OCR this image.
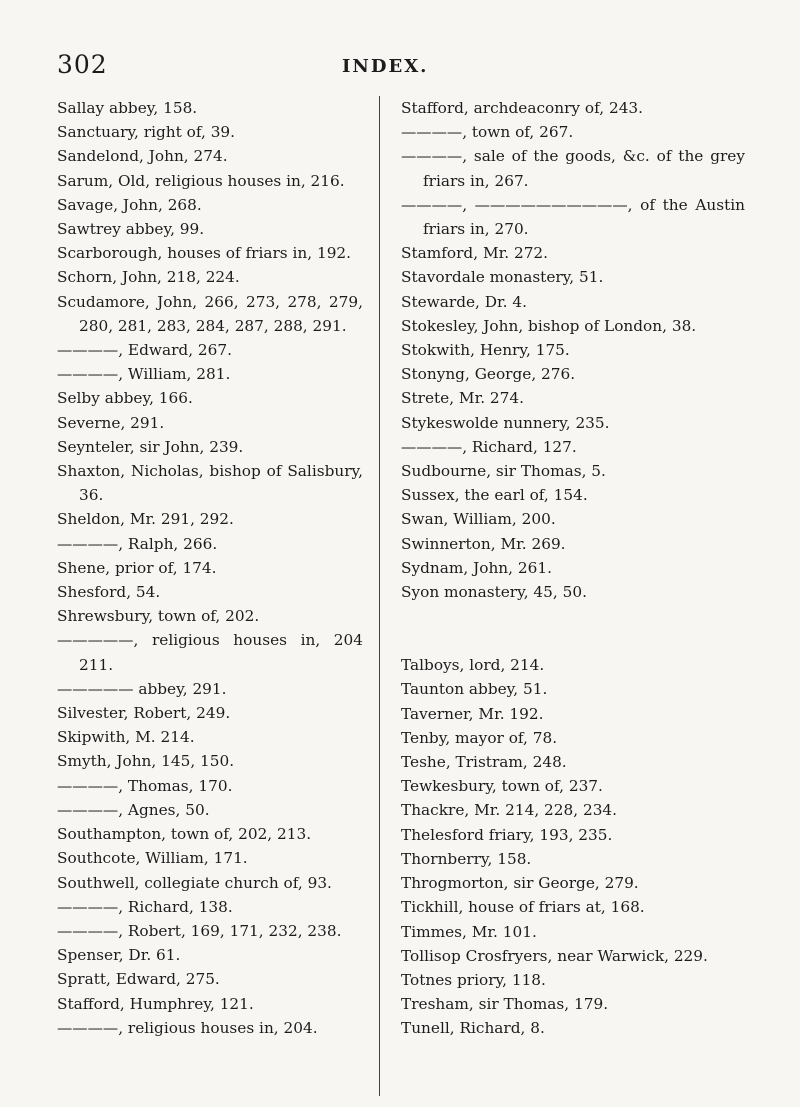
302	INDEX.
Sallay abbey, 158.
Sanctuary, right of, 39.
Sandelond, John, 274.
Sarum, Old, religious houses in, 216.
Savage, John, 268.
Sawtrey abbey, 99.
Scarborough, houses of friars in, 192.
Schorn, John, 218, 224.
Scudamore, John, 266, 273, 278, 279, 280, 281, 283, 284, 287, 288, 291.
————, Edward, 267.
————, William, 281.
Selby abbey, 166.
Severne, 291.
Seynteler, sir John, 239.
Shaxton, Nicholas, bishop of Salisbury, 36.
Sheldon, Mr. 291, 292.
————, Ralph, 266.
Shene, prior of, 174.
Shesford, 54.
Shrewsbury, town of, 202.
—————, religious houses in, 204 211.
————— abbey, 291.
Silvester, Robert, 249.
Skipwith, M. 214.
Smyth, John, 145, 150.
————, Thomas, 170.
————, Agnes, 50.
Southampton, town of, 202, 213.
Southcote, William, 171.
Southwell, collegiate church of, 93.
————, Richard, 138.
————, Robert, 169, 171, 232, 238.
Spenser, Dr. 61.
Spratt, Edward, 275.
Stafford, Humphrey, 121.
————, religious houses in, 204.
Stafford, archdeaconry of, 243.
————, town of, 267.
————, sale of the goods, &c. of the grey friars in, 267.
————, ——————————, of the Austin friars in, 270.
Stamford, Mr. 272.
Stavordale monastery, 51.
Stewarde, Dr. 4.
Stokesley, John, bishop of London, 38.
Stokwith, Henry, 175.
Stonyng, George, 276.
Strete, Mr. 274.
Stykeswolde nunnery, 235.
————, Richard, 127.
Sudbourne, sir Thomas, 5.
Sussex, the earl of, 154.
Swan, William, 200.
Swinnerton, Mr. 269.
Sydnam, John, 261.
Syon monastery, 45, 50.
Talboys, lord, 214.
Taunton abbey, 51.
Taverner, Mr. 192.
Tenby, mayor of, 78.
Teshe, Tristram, 248.
Tewkesbury, town of, 237.
Thackre, Mr. 214, 228, 234.
Thelesford friary, 193, 235.
Thornberry, 158.
Throgmorton, sir George, 279.
Tickhill, house of friars at, 168.
Timmes, Mr. 101.
Tollisop Crosfryers, near Warwick, 229.
Totnes priory, 118.
Tresham, sir Thomas, 179.
Tunell, Richard, 8.
